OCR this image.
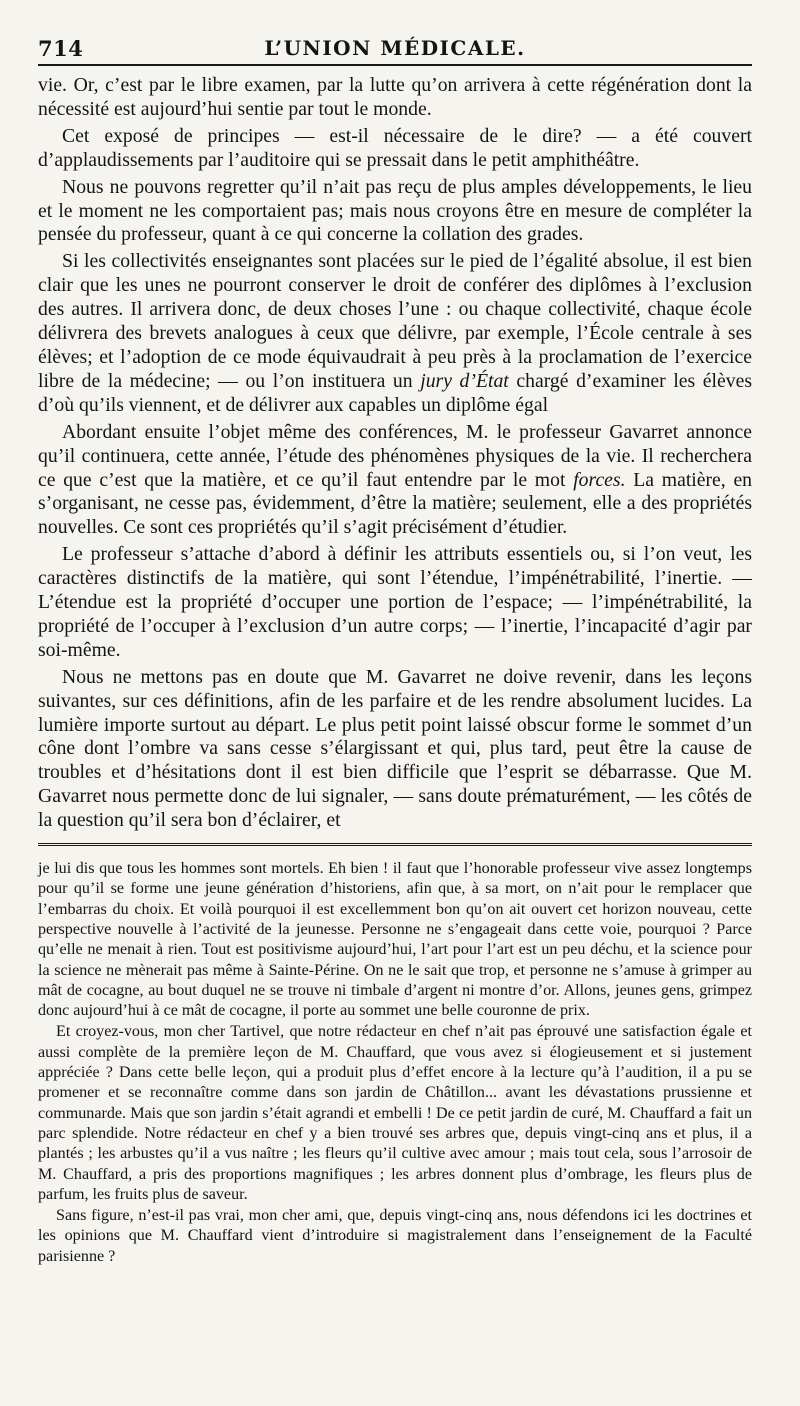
714	L’UNION MÉDICALE.

vie. Or, c’est par le libre examen, par la lutte qu’on arrivera à cette régénération dont la nécessité est aujourd’hui sentie par tout le monde.

Cet exposé de principes — est-il nécessaire de le dire? — a été couvert d’applaudissements par l’auditoire qui se pressait dans le petit amphithéâtre.

Nous ne pouvons regretter qu’il n’ait pas reçu de plus amples développements, le lieu et le moment ne les comportaient pas; mais nous croyons être en mesure de compléter la pensée du professeur, quant à ce qui concerne la collation des grades.

Si les collectivités enseignantes sont placées sur le pied de l’égalité absolue, il est bien clair que les unes ne pourront conserver le droit de conférer des diplômes à l’exclusion des autres. Il arrivera donc, de deux choses l’une : ou chaque collectivité, chaque école délivrera des brevets analogues à ceux que délivre, par exemple, l’École centrale à ses élèves; et l’adoption de ce mode équivaudrait à peu près à la proclamation de l’exercice libre de la médecine; — ou l’on instituera un jury d’État chargé d’examiner les élèves d’où qu’ils viennent, et de délivrer aux capables un diplôme égal

Abordant ensuite l’objet même des conférences, M. le professeur Gavarret annonce qu’il continuera, cette année, l’étude des phénomènes physiques de la vie. Il recherchera ce que c’est que la matière, et ce qu’il faut entendre par le mot forces. La matière, en s’organisant, ne cesse pas, évidemment, d’être la matière; seulement, elle a des propriétés nouvelles. Ce sont ces propriétés qu’il s’agit précisément d’étudier.

Le professeur s’attache d’abord à définir les attributs essentiels ou, si l’on veut, les caractères distinctifs de la matière, qui sont l’étendue, l’impénétrabilité, l’inertie. — L’étendue est la propriété d’occuper une portion de l’espace; — l’impénétrabilité, la propriété de l’occuper à l’exclusion d’un autre corps; — l’inertie, l’incapacité d’agir par soi-même.

Nous ne mettons pas en doute que M. Gavarret ne doive revenir, dans les leçons suivantes, sur ces définitions, afin de les parfaire et de les rendre absolument lucides. La lumière importe surtout au départ. Le plus petit point laissé obscur forme le sommet d’un cône dont l’ombre va sans cesse s’élargissant et qui, plus tard, peut être la cause de troubles et d’hésitations dont il est bien difficile que l’esprit se débarrasse. Que M. Gavarret nous permette donc de lui signaler, — sans doute prématurément, — les côtés de la question qu’il sera bon d’éclairer, et

je lui dis que tous les hommes sont mortels. Eh bien ! il faut que l’honorable professeur vive assez longtemps pour qu’il se forme une jeune génération d’historiens, afin que, à sa mort, on n’ait pour le remplacer que l’embarras du choix. Et voilà pourquoi il est excellemment bon qu’on ait ouvert cet horizon nouveau, cette perspective nouvelle à l’activité de la jeunesse. Personne ne s’engageait dans cette voie, pourquoi ? Parce qu’elle ne menait à rien. Tout est positivisme aujourd’hui, l’art pour l’art est un peu déchu, et la science pour la science ne mènerait pas même à Sainte-Périne. On ne le sait que trop, et personne ne s’amuse à grimper au mât de cocagne, au bout duquel ne se trouve ni timbale d’argent ni montre d’or. Allons, jeunes gens, grimpez donc aujourd’hui à ce mât de cocagne, il porte au sommet une belle couronne de prix.

Et croyez-vous, mon cher Tartivel, que notre rédacteur en chef n’ait pas éprouvé une satisfaction égale et aussi complète de la première leçon de M. Chauffard, que vous avez si élogieusement et si justement appréciée ? Dans cette belle leçon, qui a produit plus d’effet encore à la lecture qu’à l’audition, il a pu se promener et se reconnaître comme dans son jardin de Châtillon... avant les dévastations prussienne et communarde. Mais que son jardin s’était agrandi et embelli ! De ce petit jardin de curé, M. Chauffard a fait un parc splendide. Notre rédacteur en chef y a bien trouvé ses arbres que, depuis vingt-cinq ans et plus, il a plantés ; les arbustes qu’il a vus naître ; les fleurs qu’il cultive avec amour ; mais tout cela, sous l’arrosoir de M. Chauffard, a pris des proportions magnifiques ; les arbres donnent plus d’ombrage, les fleurs plus de parfum, les fruits plus de saveur.

Sans figure, n’est-il pas vrai, mon cher ami, que, depuis vingt-cinq ans, nous défendons ici les doctrines et les opinions que M. Chauffard vient d’introduire si magistralement dans l’enseignement de la Faculté parisienne ?
